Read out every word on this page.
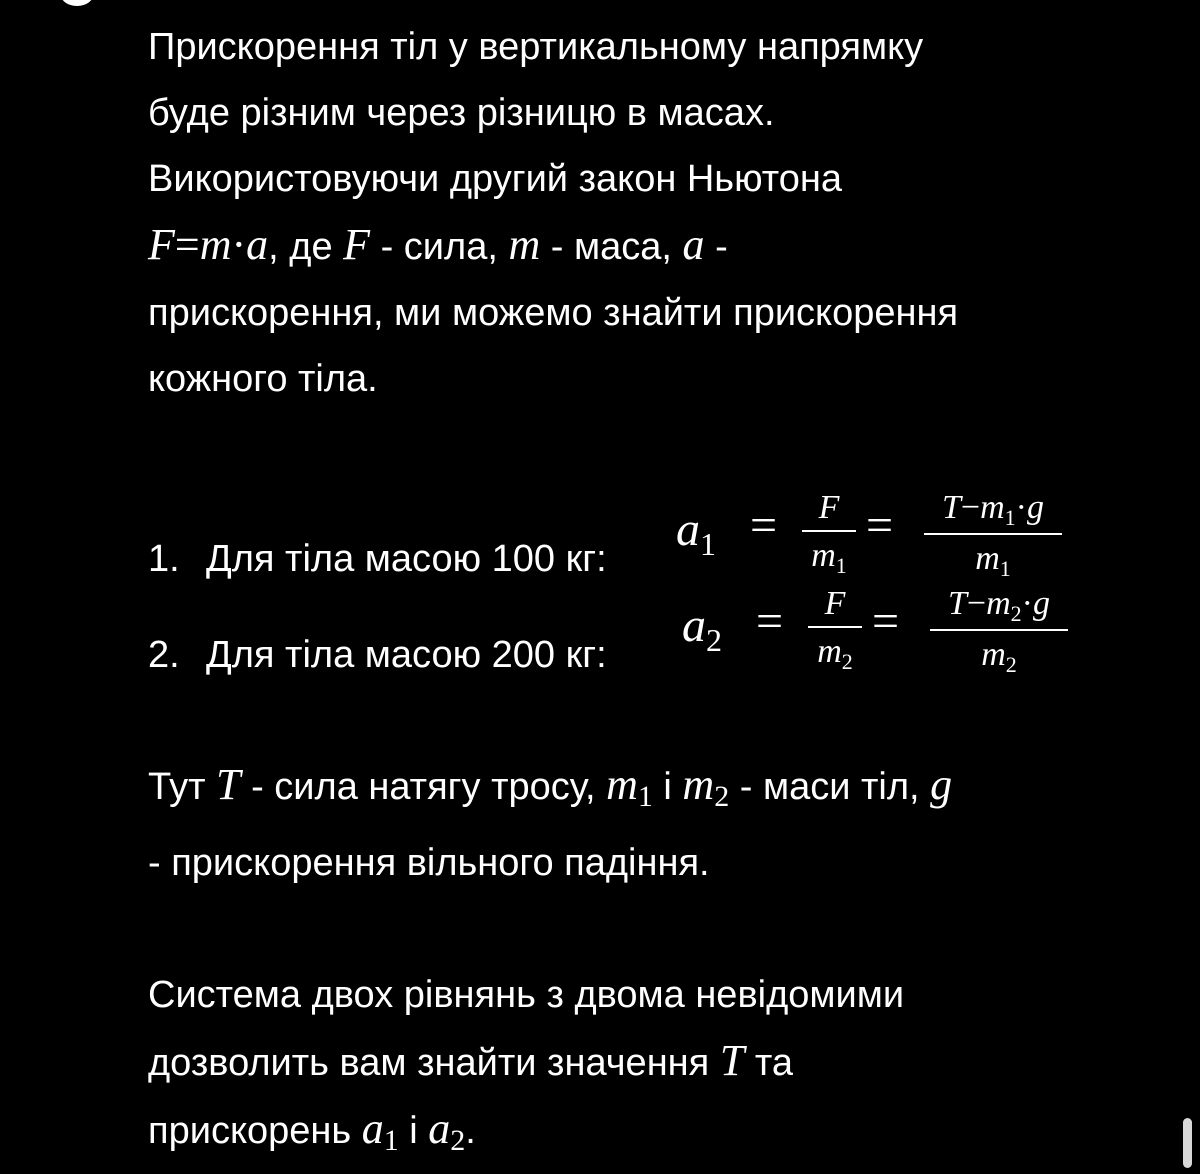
Прискорення тіл у вертикальному напрямку
буде різним через різницю в масах.
Використовуючи другий закон Ньютона
F=m·a, де F - сила, m - маса, a -
прискорення, ми можемо знайти прискорення
кожного тіла.
1. Для тіла масою 100 кг:
$a_1$ =	F
$m_1$
=	$T-m_1\cdot g$
$m_1$
2. Для тіла масою 200 кг:
$a_2$ =	F
$m_2$
=	$T-m_2\cdot g$
$m_2$
Тут T - сила натягу тросу, $m_1$ і $m_2$ - маси тіл, g
- прискорення вільного падіння.
Система двох рівнянь з двома невідомими
дозволить вам знайти значення T та
прискорень $a_1$ і $a_2$.
